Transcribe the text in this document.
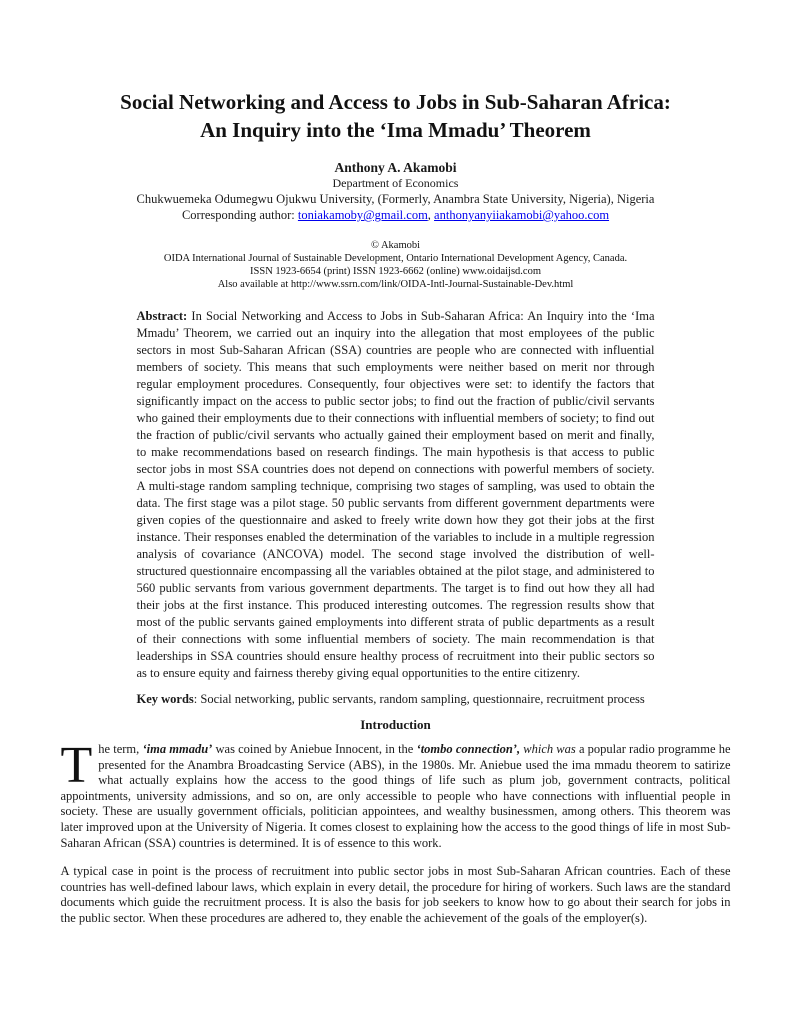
Social Networking and Access to Jobs in Sub-Saharan Africa: An Inquiry into the ‘Ima Mmadu’ Theorem
Anthony A. Akamobi
Department of Economics
Chukwuemeka Odumegwu Ojukwu University, (Formerly, Anambra State University, Nigeria), Nigeria
Corresponding author: toniakamoby@gmail.com, anthonyanyiiakamobi@yahoo.com
© Akamobi
OIDA International Journal of Sustainable Development, Ontario International Development Agency, Canada.
ISSN 1923-6654 (print) ISSN 1923-6662 (online) www.oidaijsd.com
Also available at http://www.ssrn.com/link/OIDA-Intl-Journal-Sustainable-Dev.html

Abstract: In Social Networking and Access to Jobs in Sub-Saharan Africa: An Inquiry into the ‘Ima Mmadu’ Theorem, we carried out an inquiry into the allegation that most employees of the public sectors in most Sub-Saharan African (SSA) countries are people who are connected with influential members of society. This means that such employments were neither based on merit nor through regular employment procedures. Consequently, four objectives were set: to identify the factors that significantly impact on the access to public sector jobs; to find out the fraction of public/civil servants who gained their employments due to their connections with influential members of society; to find out the fraction of public/civil servants who actually gained their employment based on merit and finally, to make recommendations based on research findings. The main hypothesis is that access to public sector jobs in most SSA countries does not depend on connections with powerful members of society. A multi-stage random sampling technique, comprising two stages of sampling, was used to obtain the data. The first stage was a pilot stage. 50 public servants from different government departments were given copies of the questionnaire and asked to freely write down how they got their jobs at the first instance. Their responses enabled the determination of the variables to include in a multiple regression analysis of covariance (ANCOVA) model. The second stage involved the distribution of well-structured questionnaire encompassing all the variables obtained at the pilot stage, and administered to 560 public servants from various government departments. The target is to find out how they all had their jobs at the first instance. This produced interesting outcomes. The regression results show that most of the public servants gained employments into different strata of public departments as a result of their connections with some influential members of society. The main recommendation is that leaderships in SSA countries should ensure healthy process of recruitment into their public sectors so as to ensure equity and fairness thereby giving equal opportunities to the entire citizenry.

Key words: Social networking, public servants, random sampling, questionnaire, recruitment process

Introduction

The term, ‘ima mmadu’ was coined by Aniebue Innocent, in the ‘tombo connection’, which was a popular radio programme he presented for the Anambra Broadcasting Service (ABS), in the 1980s. Mr. Aniebue used the ima mmadu theorem to satirize what actually explains how the access to the good things of life such as plum job, government contracts, political appointments, university admissions, and so on, are only accessible to people who have connections with influential people in society. These are usually government officials, politician appointees, and wealthy businessmen, among others. This theorem was later improved upon at the University of Nigeria. It comes closest to explaining how the access to the good things of life in most Sub-Saharan African (SSA) countries is determined. It is of essence to this work.

A typical case in point is the process of recruitment into public sector jobs in most Sub-Saharan African countries. Each of these countries has well-defined labour laws, which explain in every detail, the procedure for hiring of workers. Such laws are the standard documents which guide the recruitment process. It is also the basis for job seekers to know how to go about their search for jobs in the public sector. When these procedures are adhered to, they enable the achievement of the goals of the employer(s).
